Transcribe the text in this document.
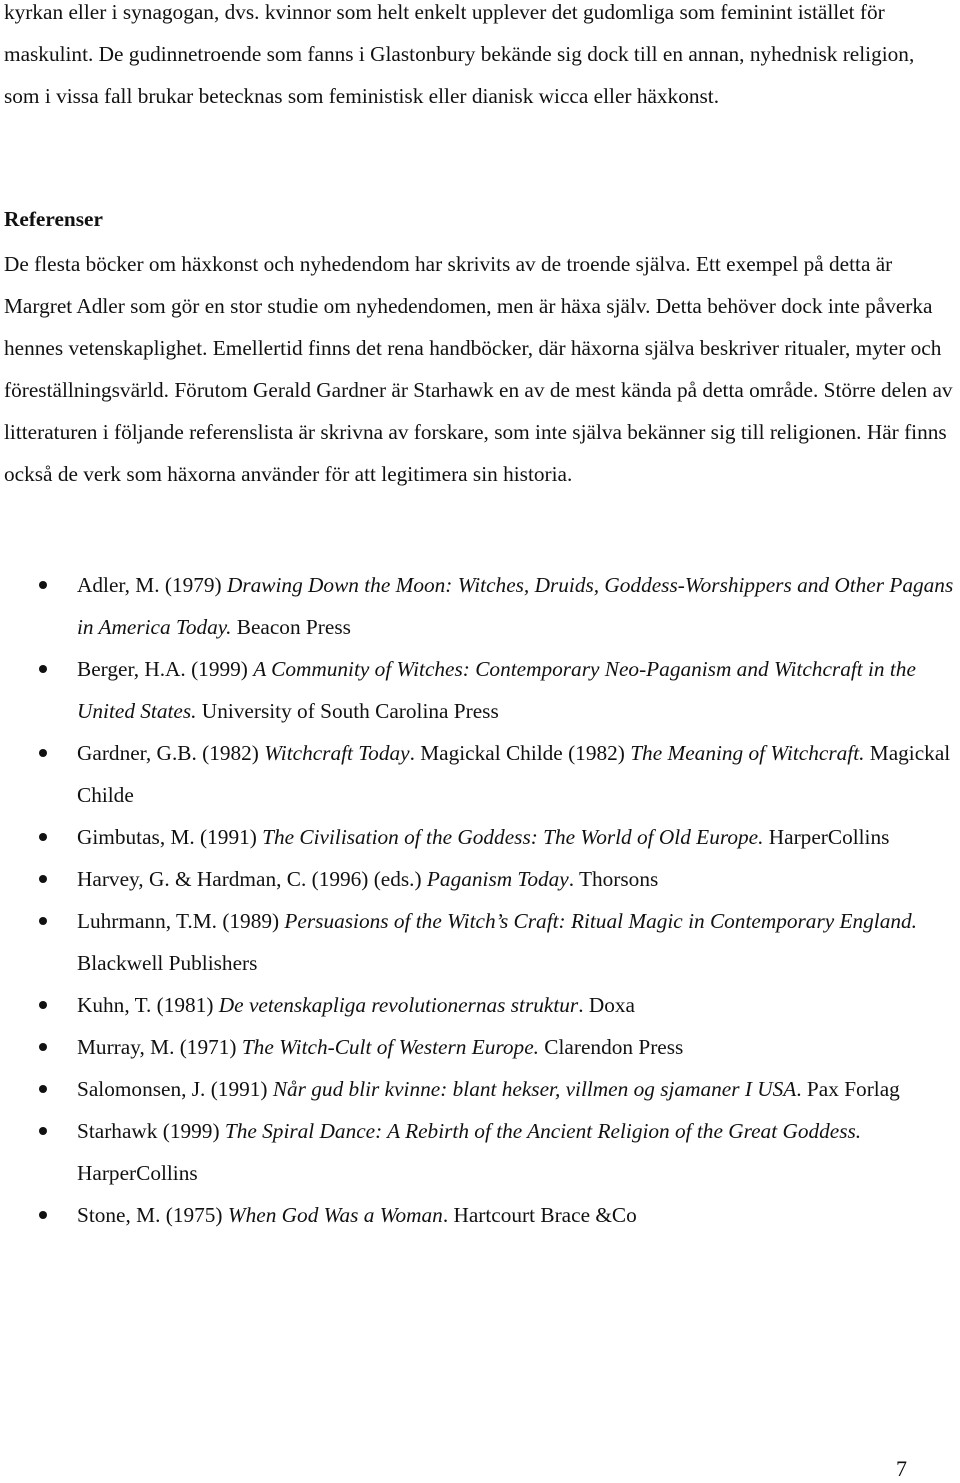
kyrkan eller i synagogan, dvs. kvinnor som helt enkelt upplever det gudomliga som feminint istället för maskulint. De gudinnetroende som fanns i Glastonbury bekände sig dock till en annan, nyhednisk religion, som i vissa fall brukar betecknas som feministisk eller dianisk wicca eller häxkonst.

Referenser

De flesta böcker om häxkonst och nyhedendom har skrivits av de troende själva. Ett exempel på detta är Margret Adler som gör en stor studie om nyhedendomen, men är häxa själv. Detta behöver dock inte påverka hennes vetenskaplighet. Emellertid finns det rena handböcker, där häxorna själva beskriver ritualer, myter och föreställningsvärld. Förutom Gerald Gardner är Starhawk en av de mest kända på detta område. Större delen av litteraturen i följande referenslista är skrivna av forskare, som inte själva bekänner sig till religionen. Här finns också de verk som häxorna använder för att legitimera sin historia.

Adler, M. (1979) Drawing Down the Moon: Witches, Druids, Goddess-Worshippers and Other Pagans in America Today. Beacon Press
Berger, H.A. (1999) A Community of Witches: Contemporary Neo-Paganism and Witchcraft in the United States. University of South Carolina Press
Gardner, G.B. (1982) Witchcraft Today. Magickal Childe (1982) The Meaning of Witchcraft. Magickal Childe
Gimbutas, M. (1991) The Civilisation of the Goddess: The World of Old Europe. HarperCollins
Harvey, G. & Hardman, C. (1996) (eds.) Paganism Today. Thorsons
Luhrmann, T.M. (1989) Persuasions of the Witch’s Craft: Ritual Magic in Contemporary England. Blackwell Publishers
Kuhn, T. (1981) De vetenskapliga revolutionernas struktur. Doxa
Murray, M. (1971) The Witch-Cult of Western Europe. Clarendon Press
Salomonsen, J. (1991) Når gud blir kvinne: blant hekser, villmen og sjamaner I USA. Pax Forlag
Starhawk (1999) The Spiral Dance: A Rebirth of the Ancient Religion of the Great Goddess. HarperCollins
Stone, M. (1975) When God Was a Woman. Hartcourt Brace &Co

7
